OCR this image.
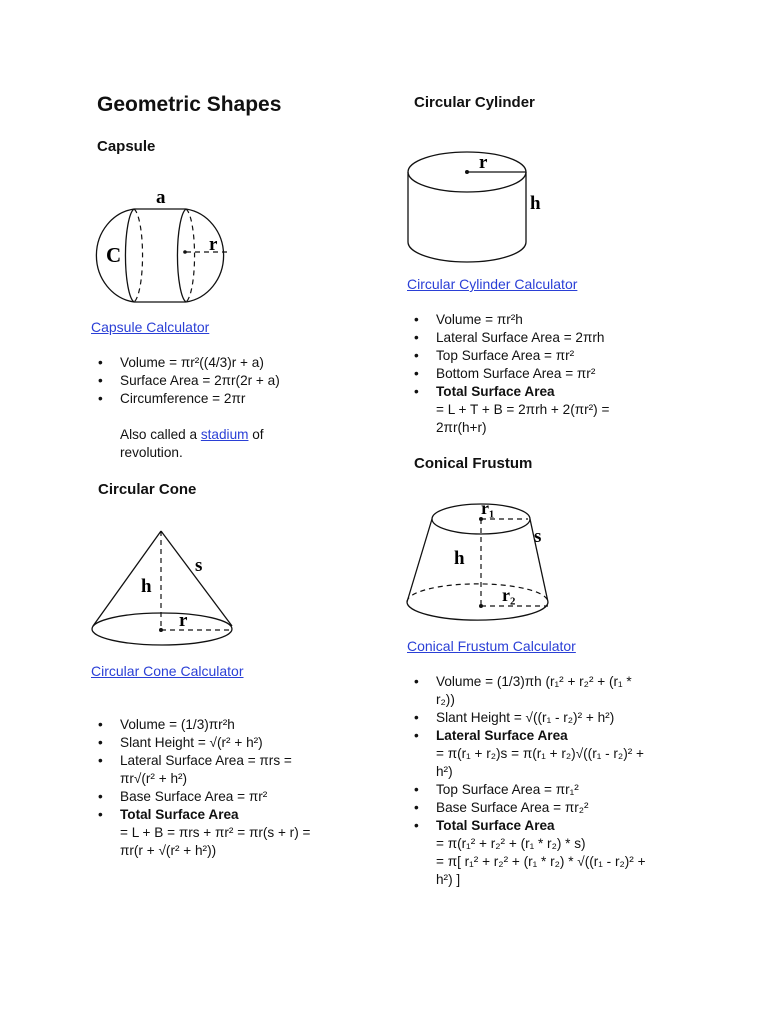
Geometric Shapes
Capsule
a
C	r
Capsule Calculator
• Volume = πr²((4/3)r + a)
• Surface Area = 2πr(2r + a)
• Circumference = 2πr
Also called a stadium of
revolution.
Circular Cone
h
s
r
Circular Cone Calculator
• Volume = (1/3)πr²h
• Slant Height = √(r² + h²)
• Lateral Surface Area = πrs =
πr√(r² + h²)
• Base Surface Area = πr²
• Total Surface Area
= L + B = πrs + πr² = πr(s + r) =
πr(r + √(r² + h²))
Circular Cylinder
r
h
Circular Cylinder Calculator
• Volume = πr²h
• Lateral Surface Area = 2πrh
• Top Surface Area = πr²
• Bottom Surface Area = πr²
• Total Surface Area
= L + T + B = 2πrh + 2(πr²) =
2πr(h+r)
Conical Frustum
r₁
s
h
r₂
Conical Frustum Calculator
• Volume = (1/3)πh (r₁² + r₂² + (r₁ *
r₂))
• Slant Height = √((r₁ - r₂)² + h²)
• Lateral Surface Area
= π(r₁ + r₂)s = π(r₁ + r₂)√((r₁ - r₂)² +
h²)
• Top Surface Area = πr₁²
• Base Surface Area = πr₂²
• Total Surface Area
= π(r₁² + r₂² + (r₁ * r₂) * s)
= π[ r₁² + r₂² + (r₁ * r₂) * √((r₁ - r₂)² +
h²) ]
